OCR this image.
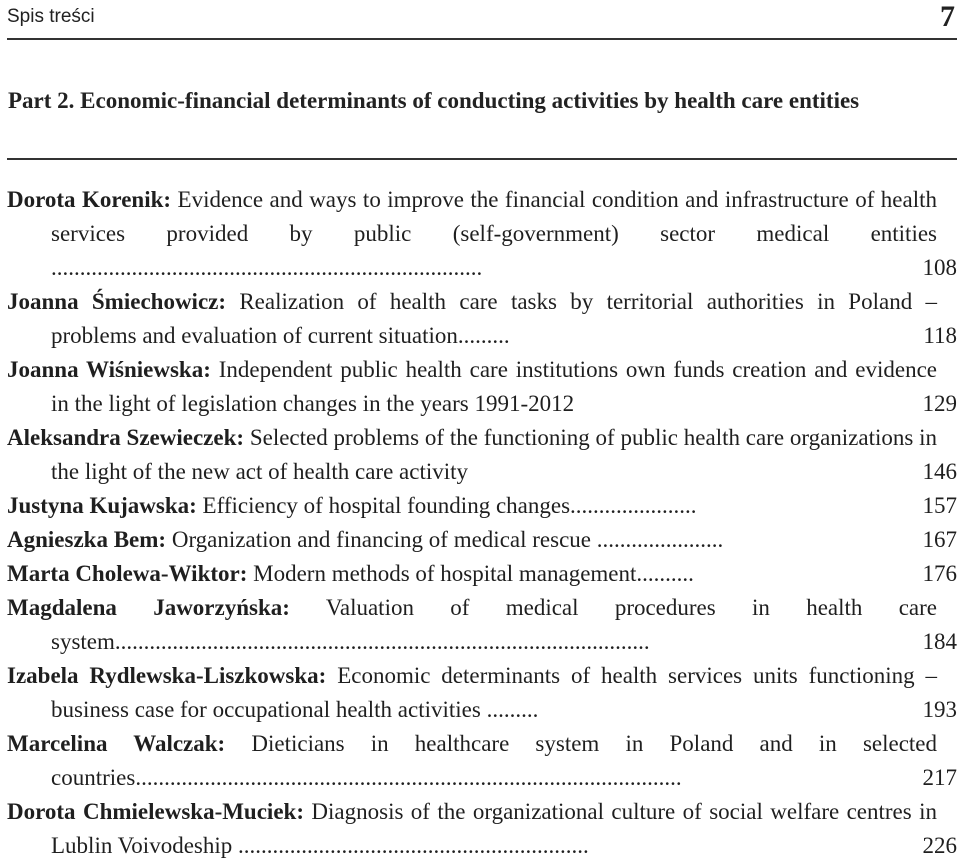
Spis treści	7
Part 2. Economic-financial determinants of conducting activities by health care entities
Dorota Korenik: Evidence and ways to improve the financial condition and infrastructure of health services provided by public (self-government) sector medical entities ...........................................................................	108
Joanna Śmiechowicz: Realization of health care tasks by territorial authorities in Poland – problems and evaluation of current situation.........	118
Joanna Wiśniewska: Independent public health care institutions own funds creation and evidence in the light of legislation changes in the years 1991-2012	129
Aleksandra Szewieczek: Selected problems of the functioning of public health care organizations in the light of the new act of health care activity	146
Justyna Kujawska: Efficiency of hospital founding changes......................	157
Agnieszka Bem: Organization and financing of medical rescue ......................	167
Marta Cholewa-Wiktor: Modern methods of hospital management..........	176
Magdalena Jaworzyńska: Valuation of medical procedures in health care system.............................................................................................	184
Izabela Rydlewska-Liszkowska: Economic determinants of health services units functioning – business case for occupational health activities .........	193
Marcelina Walczak: Dieticians in healthcare system in Poland and in selected countries...............................................................................................	217
Dorota Chmielewska-Muciek: Diagnosis of the organizational culture of social welfare centres in Lublin Voivodeship .............................................................	226
